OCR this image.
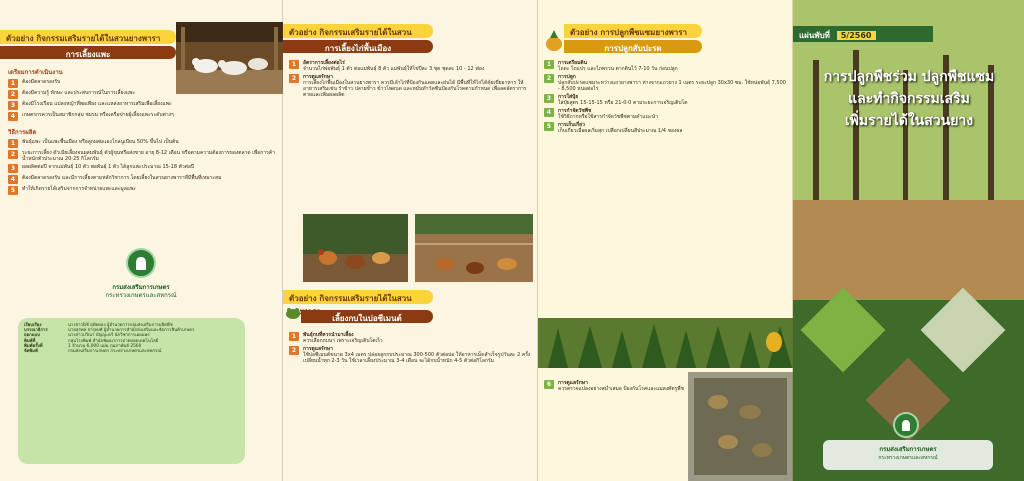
ตัวอย่าง กิจกรรมเสริมรายได้ในสวนยางพารา
การเลี้ยงแพะ
เตรียมการดำเนินงาน
1	ต้องมีตลาดรองรับ
2	ต้องมีความรู้ ทักษะ และประสบการณ์ในการเลี้ยงแพะ
3	ต้องมีโรงเรือน แปลงหญ้าที่พอเพียง และแหล่งอาหารเสริมเพื่อเลี้ยงแพะ
4	เกษตรกรควรเป็นสมาชิกกลุ่ม ชมรม หรือเครือข่ายผู้เลี้ยงแพะระดับต่างๆ
วิธีการผลิต
1	พันธุ์แพะ เป็นแพะพื้นเมือง หรือลูกผสมแองโกลนูเบียน 50% ขึ้นไป เป็นต้น
2	ระยะการเลี้ยง ตัวเมียเลี้ยงจนผสมพันธุ์ ตัวผู้ขุนหรือส่งขาย อายุ 8-12 เดือน หรือตามความต้องการของตลาด เพื่อการค้า น้ำหนักตัวประมาณ 20-25 กิโลกรัม
3	ผลผลิตต่อปี จากแม่พันธุ์ 10 ตัว พ่อพันธุ์ 1 ตัว ได้ลูกแพะประมาณ 15-18 ตัวต่อปี
4	ต้องมีตลาดรองรับ และมีการเลี้ยงตามหลักวิชาการ โดยเลี้ยงในสวนยางพาราที่มีพื้นที่เหมาะสม
5	ทำให้เกิดรายได้เสริมจากการจำหน่ายแพะและมูลแพะ
กรมส่งเสริมการเกษตร
กระทรวงเกษตรและสหกรณ์
เรียบเรียง	นางสาวนิชี อุทัยทอง ผู้อำนวยการกลุ่มส่งเสริมการผลิตพืช
บรรณาธิการ	นายสุรพล จารุพงศ์ ผู้อำนวยการสำนักส่งเสริมและจัดการสินค้าเกษตร
ออกแบบ	นางสาวปวีณา บัญญะตรี นักวิชาการเผยแพร่
พิมพ์ที่	กลุ่มโรงพิมพ์ สำนักพัฒนาการถ่ายทอดเทคโนโลยี
พิมพ์ครั้งที่	1 จำนวน 6,000 แผ่น กุมภาพันธ์ 2560
จัดพิมพ์	กรมส่งเสริมการเกษตร กระทรวงเกษตรและสหกรณ์
ตัวอย่าง กิจกรรมเสริมรายได้ในสวน
การเลี้ยงไก่พื้นเมือง
1	อัตราการเลี้ยงต่อไร่
จำนวนไก่พ่อพันธุ์ 1 ตัว ต่อแม่พันธุ์ 8 ตัว แม่พันธุ์ให้ไข่ปีละ 3 ชุด ชุดละ 10 - 12 ฟอง
2	การดูแลรักษา
การเลี้ยงไก่พื้นเมืองในสวนยางพารา ควรมีเล้าไก่ที่ป้องกันแดดและฝนได้ มีพื้นที่ให้ไก่ได้คุ้ยเขี่ยอาหาร ให้อาหารเสริมเช่น รำข้าว ปลายข้าว ข้าวโพดบด และหมั่นทำวัคซีนป้องกันโรคตามกำหนด เพื่อลดอัตราการตายและเพิ่มผลผลิต
ตัวอย่าง กิจกรรมเสริมรายได้ในสวน
เลี้ยงกบในบ่อซีเมนต์
1	พันธุ์กบที่ควรนำมาเลี้ยง
ควรเลือกกบนา เพราะเจริญเติบโตเร็ว
2	การดูแลรักษา
ใช้บ่อซีเมนต์ขนาด 3x4 เมตร ปล่อยลูกกบประมาณ 300-500 ตัวต่อบ่อ ให้อาหารเม็ดสำเร็จรูปวันละ 2 ครั้ง เปลี่ยนน้ำทุก 2-3 วัน ใช้เวลาเลี้ยงประมาณ 3-4 เดือน จะได้กบน้ำหนัก 4-5 ตัวต่อกิโลกรัม
ตัวอย่าง การปลูกพืชแซมยางพารา
การปลูกสับปะรด
1	การเตรียมดิน
ไถดะ ไถแปร และไถพรวน ตากดินไว้ 7-10 วัน ก่อนปลูก
2	การปลูก
ปลูกสับปะรดแซมระหว่างแถวยางพารา ห่างจากแถวยาง 1 เมตร ระยะปลูก 30x30 ซม. ใช้หน่อพันธุ์ 7,500 - 8,500 หน่อต่อไร่
3	การใส่ปุ๋ย
ใส่ปุ๋ยสูตร 15-15-15 หรือ 21-0-0 ตามระยะการเจริญเติบโต
4	การกำจัดวัชพืช
ใช้วิธีถากหรือใช้สารกำจัดวัชพืชตามคำแนะนำ
5	การเก็บเกี่ยว
เก็บเกี่ยวเมื่อผลเริ่มสุก เปลือกเปลี่ยนสีประมาณ 1/4 ของผล
6	การดูแลรักษา
ควรตรวจแปลงอย่างสม่ำเสมอ ป้องกันโรคและแมลงศัตรูพืช
แผ่นพับที่ 5/2560
การปลูกพืชร่วม ปลูกพืชแซม
และทำกิจกรรมเสริม
เพิ่มรายได้ในสวนยาง
กรมส่งเสริมการเกษตร
กระทรวงเกษตรและสหกรณ์
